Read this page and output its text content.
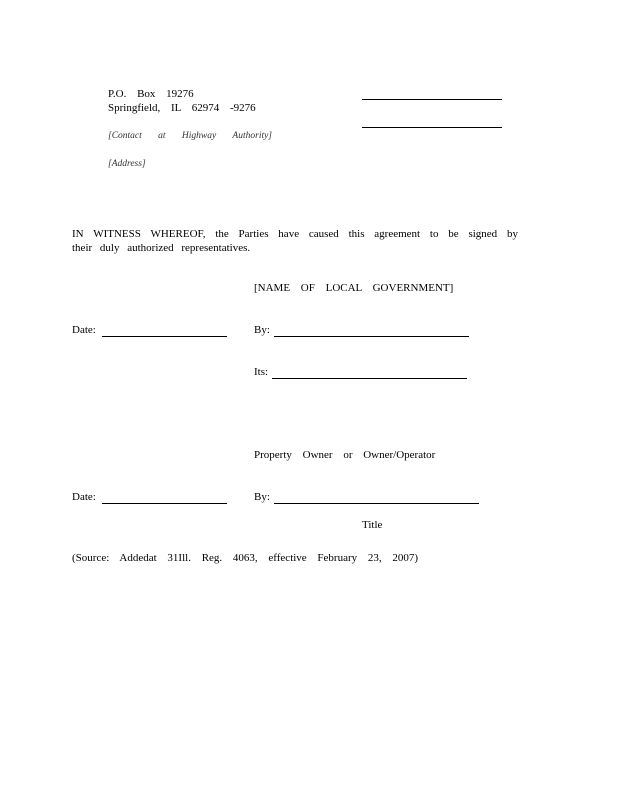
P.O. Box 19276
Springfield, IL 62974 -9276
[Contact at Highway Authority]
[Address]
IN WITNESS WHEREOF, the Parties have caused this agreement to be signed by their duly authorized representatives.
[NAME OF LOCAL GOVERNMENT]
Date:	By:
Its:
Property Owner or Owner/Operator
Date:	By:
Title
(Source: Addedat 31Ill. Reg. 4063, effective February 23, 2007)
